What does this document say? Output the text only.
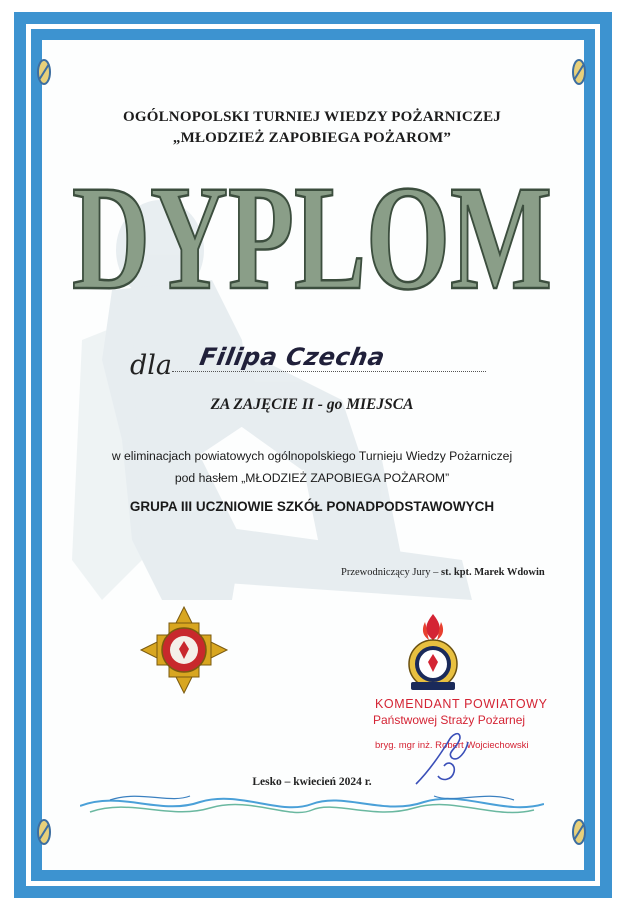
OGÓLNOPOLSKI TURNIEJ WIEDZY POŻARNICZEJ
„MŁODZIEŻ ZAPOBIEGA POŻAROM”
DYPLOM
dla Filipa Czecha
ZA ZAJĘCIE II - go MIEJSCA
w eliminacjach powiatowych ogólnopolskiego Turnieju Wiedzy Pożarniczej
pod hasłem „MŁODZIEŻ ZAPOBIEGA POŻAROM”
GRUPA III UCZNIOWIE SZKÓŁ PONADPODSTAWOWYCH
Przewodniczący Jury – st. kpt. Marek Wdowin
KOMENDANT POWIATOWY
Państwowej Straży Pożarnej
bryg. mgr inż. Robert Wojciechowski
Lesko – kwiecień 2024 r.
